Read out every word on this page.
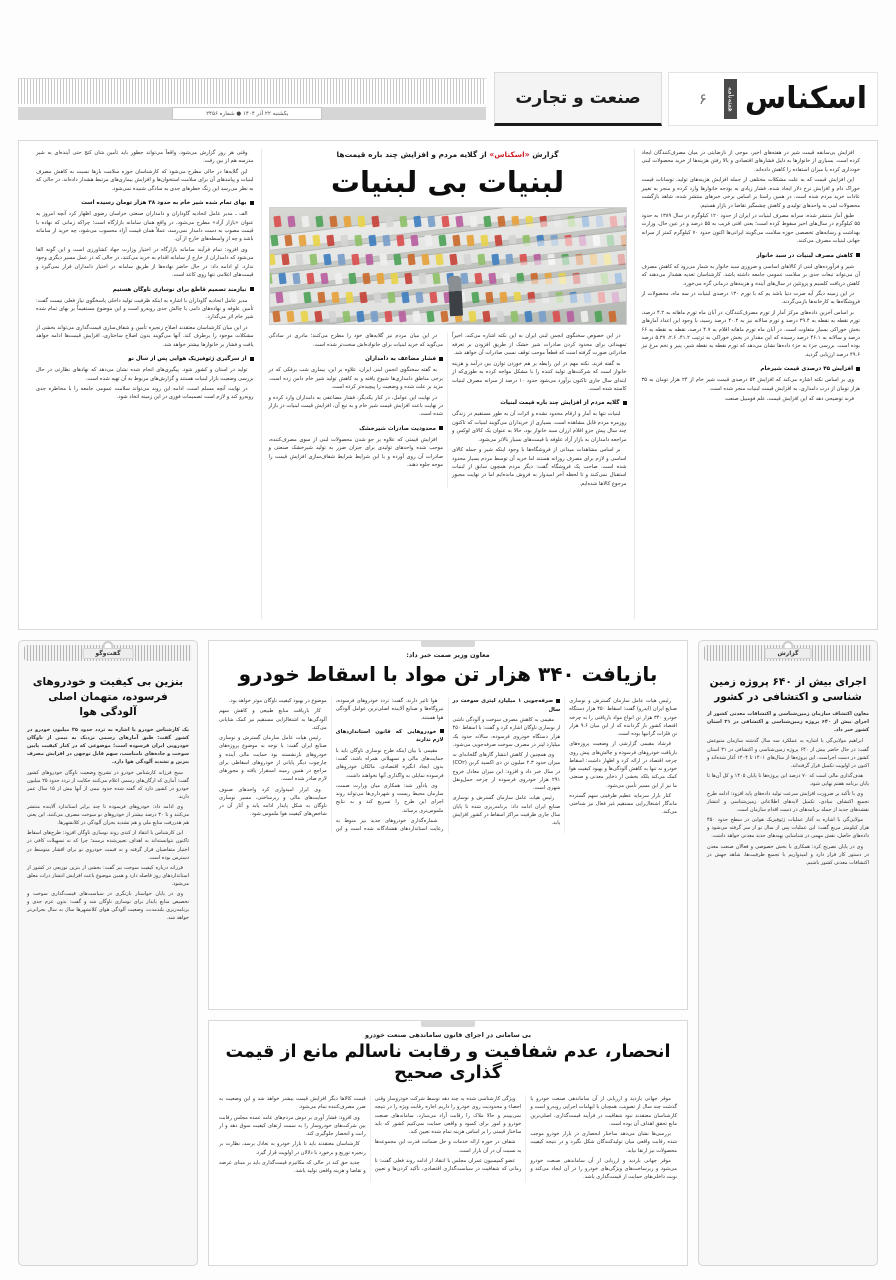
اسکناس
هفته‌نامه
۶
صنعت و تجارت
یکشنبه ۲۲ آذر ۱۴۰۴ ● شماره ۲۴۵۶

افزایش بی‌سابقه قیمت شیر در هفته‌های اخیر، موجی از نارضایتی در میان مصرف‌کنندگان ایجاد کرده است. بسیاری از خانوارها به دلیل فشارهای اقتصادی و بالا رفتن هزینه‌ها از خرید محصولات لبنی خودداری کرده یا میزان استفاده را کاهش داده‌اند.

این افزایش قیمت که به علت مشکلات مختلفی از جمله افزایش هزینه‌های تولید، نوسانات قیمت خوراک دام و افزایش نرخ دلار ایجاد شده، فشار زیادی به بودجه خانوارها وارد کرده و منجر به تغییر عادات خرید مردم شده است. در همین راستا بر اساس برخی خبرهای منتشر شده، شاهد بازگشت محصولات لبنی به واحدهای تولیدی و کاهش چشمگیر تقاضا در بازار هستیم.

طبق آمار منتشر شده، سرانه مصرف لبنیات در ایران از حدود ۱۲۰ کیلوگرم در سال ۱۳۸۹ به حدود ۵۵ کیلوگرم در سال‌های اخیر سقوط کرده است؛ یعنی افتی قریب به ۵۵ درصد و در عین حال، وزارت بهداشت و رسانه‌های تخصصی حوزه سلامت می‌گویند ایرانی‌ها اکنون حدود ۷۰ کیلوگرم کمتر از سرانه جهانی لبنیات مصرف می‌کنند.

کاهش مصرف لبنیات در سبد خانوار

شیر و فرآورده‌های لبنی از کالاهای اساسی و ضروری سبد خانوار به شمار می‌رود که کاهش مصرف آن می‌تواند تبعات جدی بر سلامت عمومی جامعه داشته باشد. کارشناسان تغذیه هشدار می‌دهند که کاهش دریافت کلسیم و پروتئین در سال‌های آینده و هزینه‌های درمانی گره می‌خورد.

در این زمینه دیگر آیه صرت دنیا باشد یم که با تورم ۱۳۰ درصدی لبنیات در سه ماه، محصولات از فروشگاه‌ها به کارخانه‌ها بازمی‌گردند.

بر اساس آخرین داده‌های مرکز آمار از تورم مصرف‌کنندگان، در آبان ماه تورم ماهانه به ۴.۲ درصد، تورم نقطه به نقطه به ۴۹.۴ درصد و تورم سالانه نیز به ۴۰.۴ درصد رسید، با وجود این اعداد آمارهای بخش خوراکی بسیار متفاوت است. در آبان ماه تورم ماهانه اقلام به ۴.۷ درصد، نقطه به نقطه به ۶۶ درصد و سالانه به ۴۶.۱ درصد رسیده که این مقدار در بخش خوراکی به ترتیب ۴۱.۲، ۲.۶، ۵.۳۷ درصد بوده است. بررسی جزء به جزء داده‌ها نشان می‌دهد که تورم نقطه به نقطه شیر، پنیر و تخم مرغ نیز ۴۹.۶ درصد ارزیابی گردید.

افزایش ۴۵ درصدی قیمت شیرخام

وی بر اساس نکته اشاره می‌کند که افزایش ۵۳ درصدی قیمت شیر خام از ۲۴ هزار تومان به ۳۵ هزار تومان از درب دامداری، به افزایش قیمت لبنیات منجر شده است.

فرند توضیحی دهد که این افزایش قیمت، علم فومبیل صنعت

گزارش «اسکناس» از گلایه مردم و افزایش چند باره قیمت‌ها
لبنیات بی لبنیات

در این خصوص سخنگوی انجمن لبنی ایران به این نکته اشاره می‌کند، اخیراً تمهیداتی برای محدود کردن صادرات شیر خشک از طریق افزودن بر تعرفه صادراتی صورت گرفته است که قطعاً موجب توقف نسبی صادرات آن خواهد شد.

به گفته فرید، نکته مهم در این رابطه بر هم خوردن توازن بین درآمد و هزینه خانوار است که شرکت‌های تولید کننده را با مشکل مواجه کرده به طوری‌که از ابتدای سال جاری تاکنون برآورد می‌شود حدود ۱۰ درصد از سرانه مصرف لبنیات کاسته شده است.

گلایه مردم از افزایش چند باره قیمت لبنیات

لبنیات تنها به آمار و ارقام محدود نشده و اثرات آن به طور مستقیم در زندگی روزمره مردم قابل مشاهده است، بسیاری از خریداران می‌گویند لبنیات که تاکنون چند سال پیش جزو اقلام ارزان سبد خانوار بود، حالا به عنوان یک کالای لوکس و مراجعه دامداران به بازار آزاد علوفه با قیمت‌های بسیار بالاتر می‌شود.

بر اساس مشاهدات میدانی از فروشگاه‌ها با وجود اینکه شیر و جمله کالای اساسی و لازم برای مصرف روزانه هستند اما خرید آن توسط مردم بسیار محدود شده است. صاحب یک فروشگاه گفت: دیگر مردم همچون سابق از لبنیات استقبال نمی‌کنند و تا لحظه آخر امیدوار به فروش مانده‌ایم اما در نهایت مجبور مرجوع کالاها شده‌ایم.

در این میان مردم نیز گلایه‌های خود را مطرح می‌کنند؛ مادری در سادگی می‌گوید که خرید لبنیات برای خانواده‌اش سخت‌تر شده است.

فشار مضاعف به دامداران

به گفته سخنگوی انجمن لبنی ایران، علاوه بر این، بیماری شب برفکی که در برخی مناطق دامداری‌ها شیوع یافته و به کاهش تولید شیر خام دامن زده است. مزید بر علت شده و وضعیت را پیچیده‌تر کرده است.

در نهایت این عوامل، در کنار یکدیگر، فشار مضاعفی به دامداران وارد کرده و در نهایت باعث افزایش قیمت شیر خام و به تبع آن، افزایش قیمت لبنیات در بازار شده است.

محدودیت صادرات شیرخشک

افزایش قیمتی که علاوه بر جو شدن محصولات لبنی از سوی مصرف‌کننده، موجب شده واحدهای تولیدی برای جبران ضرر به تولید شیرخشک صنعتی و صادرات آن روی آورده و با این شرایط شرایط شفاف‌سازی افزایش قیمت را موجه جلوه دهند.

وقتی هر روز گزارش می‌شود، واقعاً می‌تواند جطور باید تأمین شان کنج حتی آینده‌ای به شیر مدرسه هم از بین رفت.

این گلایه‌ها در حالی مطرح می‌شود که کارشناسان حوزه سلامت بارها نسبت به کاهش مصرف لبنیات و پیامدهای آن برای سلامت استخوان‌ها و افزایش بیماری‌های مرتبط هشدار داده‌اند. در حالی که به نظر می‌رسد این زنگ خطرهای جدی به سادگی شنیده نمی‌شود.

بهای تمام شده شیر خام به حدود ۳۸ هزار تومان رسیده است

الف ـ مدیر عامل اتحادیه گاوداران و دامداران صنعتی خراسان رضوی اظهار کرد آنچه امروز به عنوان «بازار آزاد» مطرح می‌شود، در واقع همان سامانه بازارگاه است؛ چراکه زمانی که نهاده با قیمت مصوب به دست دامدار نمی‌رسد، عملاً همان قیمت آزاد محسوب می‌شود، چه خرید از سامانه باشد و چه از واسطه‌های خارج از آن.

وی افزود: تمام فرآیند سامانه بازارگاه در اختیار وزارت جهاد کشاورزی است و این گونه القا می‌شود که دامداران از خارج از سامانه اقدام به خرید می‌کنند، در حالی که در عمل مسیر دیگری وجود ندارد. او ادامه داد: در حال حاضر نهاده‌ها از طریق سامانه در اختیار دامداران قرار نمی‌گیرد و قیمت‌های اعلامی تنها روی کاغذ است.

نیازمند تصمیم قاطع برای نوسازی ناوگان هستیم

مدیر عامل اتحادیه گاوداران با اشاره به اینکه ظرفیت تولید داخلی پاسخگوی نیاز فعلی نیست گفت: تأمین علوفه و نهاده‌های دامی با چالش جدی روبه‌رو است و این موضوع مستقیماً بر بهای تمام شده شیر خام اثر می‌گذارد.

در این میان کارشناسان معتقدند اصلاح زنجیره تأمین و شفاف‌سازی قیمت‌گذاری می‌تواند بخشی از مشکلات موجود را برطرف کند. آنها می‌گویند بدون اصلاح ساختاری، افزایش قیمت‌ها ادامه خواهد یافت و فشار بر خانوارها بیشتر خواهد شد.

از سرگیری ژئوفیزیک هوایی پس از سال نو

تولید در استان و کشور شود. پیگیری‌های انجام شده نشان می‌دهد که نهادهای نظارتی در حال بررسی وضعیت بازار لبنیات هستند و گزارش‌های مربوط به آن تهیه شده است.

در نهایت آنچه مسلم است، ادامه این روند می‌تواند سلامت عمومی جامعه را با مخاطره جدی روبه‌رو کند و لازم است تصمیمات فوری در این زمینه اتخاذ شود.

گزارش
اجرای بیش از ۶۴۰ پروژه زمین شناسی و اکتشافی در کشور
معاون اکتشاف سازمان زمین‌شناسی و اکتشافات معدنی کشور از اجرای بیش از ۶۴۰ پروژه زمین‌شناسی و اکتشافی در ۳۱ استان کشور خبر داد.

ابراهیم مولایی‌گی با اشاره به عملکرد سه سال گذشته سازمان متبوعش گفت: در حال حاضر بیش از ۶۴۰ پروژه زمین‌شناسی و اکتشافی در ۳۱ استان کشور در دست اجراست. این پروژه‌ها از سال‌های ۱۴۰۱ تا ۱۴۰۴ آغاز شده‌اند و اکنون در اولویت تکمیل قرار گرفته‌اند.

هدف‌گذاری مالی است که ۷۰ درصد این پروژه‌ها تا پایان ۱۴۰۵ و کل آن‌ها تا پایان برنامه هفتم نهایی شود.

وی با تأکید بر ضرورت افزایش سرعت تولید داده‌های پایه افزود: ادامه طرح تجمیع اکتشاف بنیادی، تکمیل لایه‌های اطلاعاتی زمین‌شناسی و انتشار نقشه‌های جدید از جمله برنامه‌های در دست اقدام سازمان است.

مولایی‌گی با اشاره به آغاز عملیات ژئوفیزیک هوایی در سطح حدود ۴۵۰ هزار کیلومتر مربع گفت: این عملیات پس از سال نو از سر گرفته می‌شود و داده‌های حاصل، نقش مهمی در شناسایی پهنه‌های جدید معدنی خواهد داشت.

وی در پایان تصریح کرد: همکاری با بخش خصوصی و فعالان صنعت معدن در دستور کار قرار دارد و امیدواریم با تجمیع ظرفیت‌ها، شاهد جهش در اکتشافات معدنی کشور باشیم.

معاون وزیر صمت خبر داد:
بازیافت ۳۴۰ هزار تن مواد با اسقاط خودرو

رئیس هیات عامل سازمان گسترش و نوسازی صنایع ایران (ایدرو) گفت: اسقاط ۴۵۰ هزار دستگاه خودرو ۳۴۰ هزار تن انواع مواد بازیافتی را به چرخه اقتصاد کشور باز گردانده که از این میان ۹.۶ هزار تن فلزات گرانبها بوده است.

فرشاد مقیمی گزارشی از وضعیت پروژه‌های بازیافت خودروهای فرسوده و چالش‌های پیش روی چرخه اقتصاد در ارائه کرد و اظهار داشت: اسقاط خودرو نه تنها به کاهش آلودگی‌ها و بهبود کیفیت هوا کمک می‌کند بلکه بخشی از ذخایر معدنی و صنعتی ما نیز از این مسیر تأمین می‌شود.

کنار بازار سرمایه عظیم ظرفیتی سهم گسترده ماندگار اشتغال‌زایی مستقیم غیر فعال نیز شناختی می‌کند.

صرفه‌جویی ۱ میلیارد لیتری سوخت در سال

مقیمی به کاهش مصرف سوخت و آلودگی ناشی از نوسازی ناوگان اشاره کرد و گفت: با اسقاط ۴۵۰ هزار دستگاه خودروی فرسوده، سالانه حدود یک میلیارد لیتر در مصرف سوخت صرفه‌جویی می‌شود.

وی همچنین از کاهش انتشار گازهای گلخانه‌ای به میزان حدود ۲.۳ میلیون تن دی اکسید کربن (CO۲) در سال خبر داد و افزود: این میزان معادل خروج ۲۹۱ هزار خودروی فرسوده از چرخه حمل‌ونقل شهری است.

رئیس هیات عامل سازمان گسترش و نوسازی صنایع ایران ادامه داد: برنامه‌ریزی شده تا پایان سال جاری ظرفیت مراکز اسقاط در کشور افزایش یابد.

هوا تاثیر دارند. گفت: تردد خودروهای فرسوده، نیروگاه‌ها و صنایع آلاینده اصلی‌ترین عوامل آلودگی هوا هستند.

خودروهایی که قانون استانداردهای لازم ندارند

مقیمی با بیان اینکه طرح نوسازی ناوگان باید با حمایت‌های مالی و تسهیلاتی همراه باشد، گفت: بدون ایجاد انگیزه اقتصادی، مالکان خودروهای فرسوده تمایلی به واگذاری آنها نخواهند داشت.

وی یادآور شد: همکاری میان وزارت صمت، سازمان محیط زیست و شهرداری‌ها می‌تواند روند اجرای این طرح را تسریع کند و به نتایج ملموس‌تری برساند.

شماره‌گذاری خودروهای جدید نیز منوط به رعایت استانداردهای هشتادگانه شده است و این موضوع در بهبود کیفیت ناوگان موثر خواهد بود.

کار بازیافت منابع طبیعی و کاهش سهم آلودگی‌ها به اشتغالزایی مستقیم نیز کمک شایانی می‌کند.

رئیس هیات عامل سازمان گسترش و نوسازی صنایع ایران گفت: با توجه به موضوع پروژه‌های خودروهای بازنشسته بود حمایت مالی آینده و چارچوب دیگر پایانی از خودروهای اسقاطی برای مراجع در همین زمینه استقرار یافته و مجوزهای لازم صادر شده است.

وی ابراز امیدواری کرد واحدهای صنوف حمایت‌های مالی و زیرساختی، مسیر نوسازی ناوگان به شکل پایدار ادامه یابد و آثار آن در شاخص‌های کیفیت هوا ملموس شود.

بی سامانی در اجرای قانون ساماندهی صنعت خودرو
انحصار، عدم شفافیت و رقابت ناسالم مانع از قیمت گذاری صحیح

موقر جهانی بازدید و ارزیابی از آن ساماندهی صنعت خودرو با گذشت چند سال از تصویب، همچنان با ابهامات اجرایی روبه‌رو است و کارشناسان معتقدند نبود شفافیت در فرآیند قیمت‌گذاری، اصلی‌ترین مانع تحقق اهداف آن بوده است.

بررسی‌ها نشان می‌دهد ساختار انحصاری در بازار خودرو موجب شده رقابت واقعی میان تولیدکنندگان شکل نگیرد و در نتیجه کیفیت محصولات نیز ارتقا نیابد.

موقر جهانی بازدید و ارزیابی از آن ساماندهی صنعت خودرو می‌شود و زیرساخت‌های ویژگی‌های خودرو را در آن ایجاد می‌کند و نوبت داخلی‌های حمایت از قیمت‌گذاری باشد.

ویژگی کارشناسی شده به چند دهه توسط شرکت خودروساز وقتی احصاء و محدودیت روی خودرو را داریم اجازه رقابت ویژه را در نتیجه نمی‌بیینم و حالا ملاک را رقابت آزاد می‌سازد، سامانه‌های صنعت خودرو و امور برای کمبود و واقعی حمایت نمی‌کنیم کشور که باید ساختار قیمتی را بر اساس هزینه تمام شده تعیین کند.

شفاف در حوزه ارائه خدمات و حل ضمانت قدرت این مجموعه‌ها به نسبت آن در آن بازار است.

عضو کمیسیون عمران مجلس با انتقاد از ادامه روند فعلی گفت: تا زمانی که شفافیت در سیاست‌گذاری اقتصادی، تأکید کردن‌ها و تعیین قیمت کالاها دیگر افزایش قیمت بیشتر خواهد شد و این وضعیت به ضرر مصرف‌کننده تمام می‌شود.

وی افزود: فشار آوری بر دوش مردم‌های عامه عمده مجلس رقابت بین شرکت‌های خودروساز را به سمت ارتقای کیفیت سوق دهد و از رانت و انحصار جلوگیری کند.

کارشناسان معتقدند باید تا بازار خودرو به تعادل برسد، نظارت بر زنجیره توزیع و برخورد با دلالان در اولویت قرار گیرد.

جدید حق کند در حالی که مکانیزم قیمت‌گذاری باید بر مبنای عرضه و تقاضا و هزینه واقعی تولید باشد.

گفت‌وگو
بنزین بی کیفیت و خودروهای فرسوده، متهمان اصلی آلودگی هوا
یک کارشناس خودرو با اشاره به تردد حدود ۲۵ میلیون خودرو در کشور گفت: طبق آمارهای رسمی نزدیک به نیمی از ناوگان خودرویی ایران فرسوده است؛ موضوعی که در کنار کیفیت پایین سوخت و جاده‌های نامناسب، سهم قابل توجهی در افزایش مصرف بنزین و تشدید آلودگی هوا دارد.

سیج فرزانه کارشناس خودرو در تشریح وضعیت ناوگان خودروهای کشور گفت: آماری که ارگان‌های رسمی اعلام می‌کنند حکایت از تردد حدود ۲۵ میلیون خودرو در کشور دارد که گفته شده حدود نیمی از آنها بیش از ۱۵ سال عمر دارند.

وی ادامه داد: خودروهای فرسوده تا چند برابر استاندارد آلاینده منتشر می‌کنند و تا ۳۰ درصد بیشتر از خودروهای نو سوخت مصرف می‌کنند. این یعنی هم هدررفت منابع ملی و هم تشدید بحران آلودگی در کلانشهرها.

این کارشناس با انتقاد از کندی روند نوسازی ناوگان افزود: طرح‌های اسقاط تاکنون نتوانسته‌اند به اهداف تعیین‌شده برسند؛ چرا که نه تسهیلات کافی در اختیار متقاضیان قرار گرفته و نه قیمت خودروی نو برای اقشار متوسط در دسترس بوده است.

فرزانه درباره کیفیت سوخت نیز گفت: بخشی از بنزین توزیعی در کشور از استانداردهای روز فاصله دارد و همین موضوع باعث افزایش انتشار ذرات معلق می‌شود.

وی در پایان خواستار بازنگری در سیاست‌های قیمت‌گذاری سوخت و تخصیص منابع پایدار برای نوسازی ناوگان شد و گفت: بدون عزم جدی و برنامه‌ریزی بلندمدت، وضعیت آلودگی هوای کلانشهرها سال به سال بحرانی‌تر خواهد شد.
